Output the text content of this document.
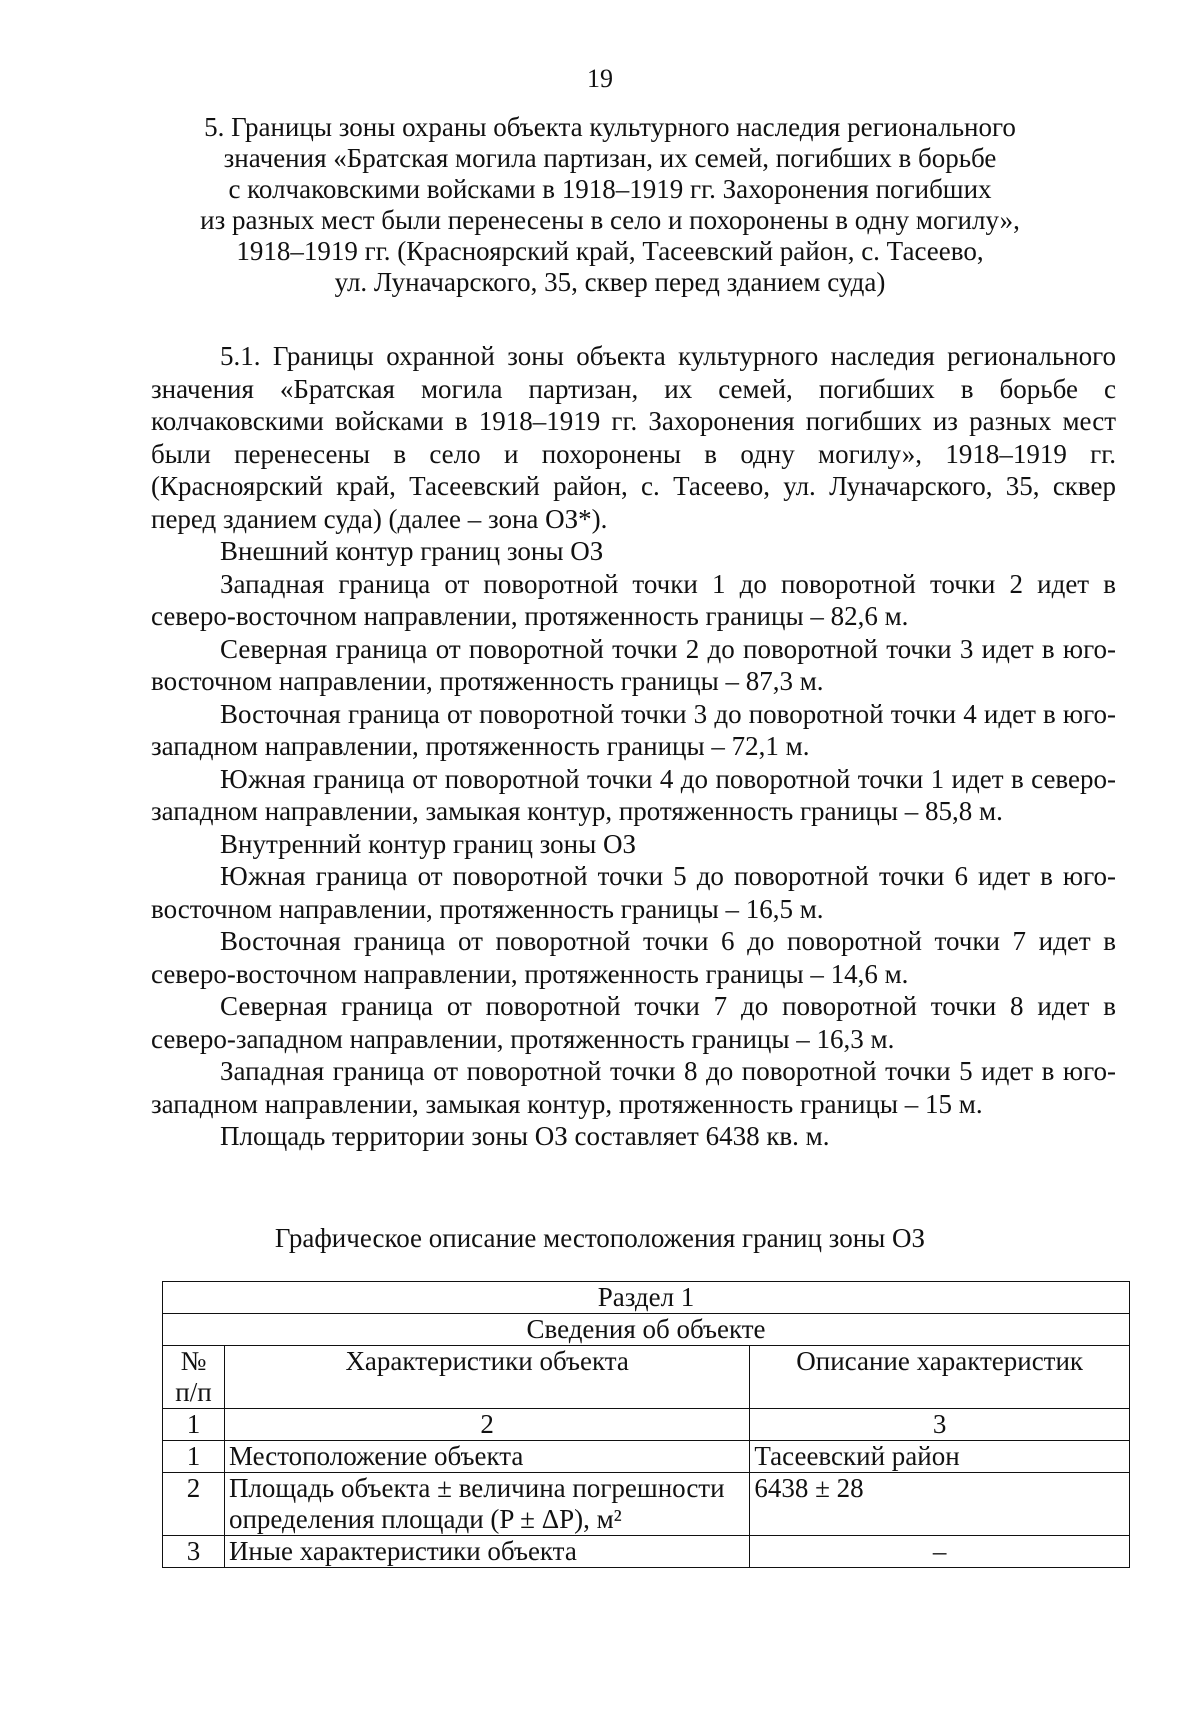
19
5. Границы зоны охраны объекта культурного наследия регионального
значения «Братская могила партизан, их семей, погибших в борьбе
с колчаковскими войсками в 1918–1919 гг. Захоронения погибших
из разных мест были перенесены в село и похоронены в одну могилу»,
1918–1919 гг. (Красноярский край, Тасеевский район, с. Тасеево,
ул. Луначарского, 35, сквер перед зданием суда)

5.1. Границы охранной зоны объекта культурного наследия регионального значения «Братская могила партизан, их семей, погибших в борьбе с колчаковскими войсками в 1918–1919 гг. Захоронения погибших из разных мест были перенесены в село и похоронены в одну могилу», 1918–1919 гг. (Красноярский край, Тасеевский район, с. Тасеево, ул. Луначарского, 35, сквер перед зданием суда) (далее – зона ОЗ*).

Внешний контур границ зоны ОЗ

Западная граница от поворотной точки 1 до поворотной точки 2 идет в северо-восточном направлении, протяженность границы – 82,6 м.

Северная граница от поворотной точки 2 до поворотной точки 3 идет в юго-восточном направлении, протяженность границы – 87,3 м.

Восточная граница от поворотной точки 3 до поворотной точки 4 идет в юго-западном направлении, протяженность границы – 72,1 м.

Южная граница от поворотной точки 4 до поворотной точки 1 идет в северо-западном направлении, замыкая контур, протяженность границы – 85,8 м.

Внутренний контур границ зоны ОЗ

Южная граница от поворотной точки 5 до поворотной точки 6 идет в юго-восточном направлении, протяженность границы – 16,5 м.

Восточная граница от поворотной точки 6 до поворотной точки 7 идет в северо-восточном направлении, протяженность границы – 14,6 м.

Северная граница от поворотной точки 7 до поворотной точки 8 идет в северо-западном направлении, протяженность границы – 16,3 м.

Западная граница от поворотной точки 8 до поворотной точки 5 идет в юго-западном направлении, замыкая контур, протяженность границы – 15 м.

Площадь территории зоны ОЗ составляет 6438 кв. м.

Графическое описание местоположения границ зоны ОЗ
Раздел 1		
Сведения об объекте		
№ п/п	Характеристики объекта	Описание характеристик
1	2	3
1	Местоположение объекта	Тасеевский район
2	Площадь объекта ± величина погрешности определения площади (P ± ΔP), м²	6438 ± 28
3	Иные характеристики объекта	–
